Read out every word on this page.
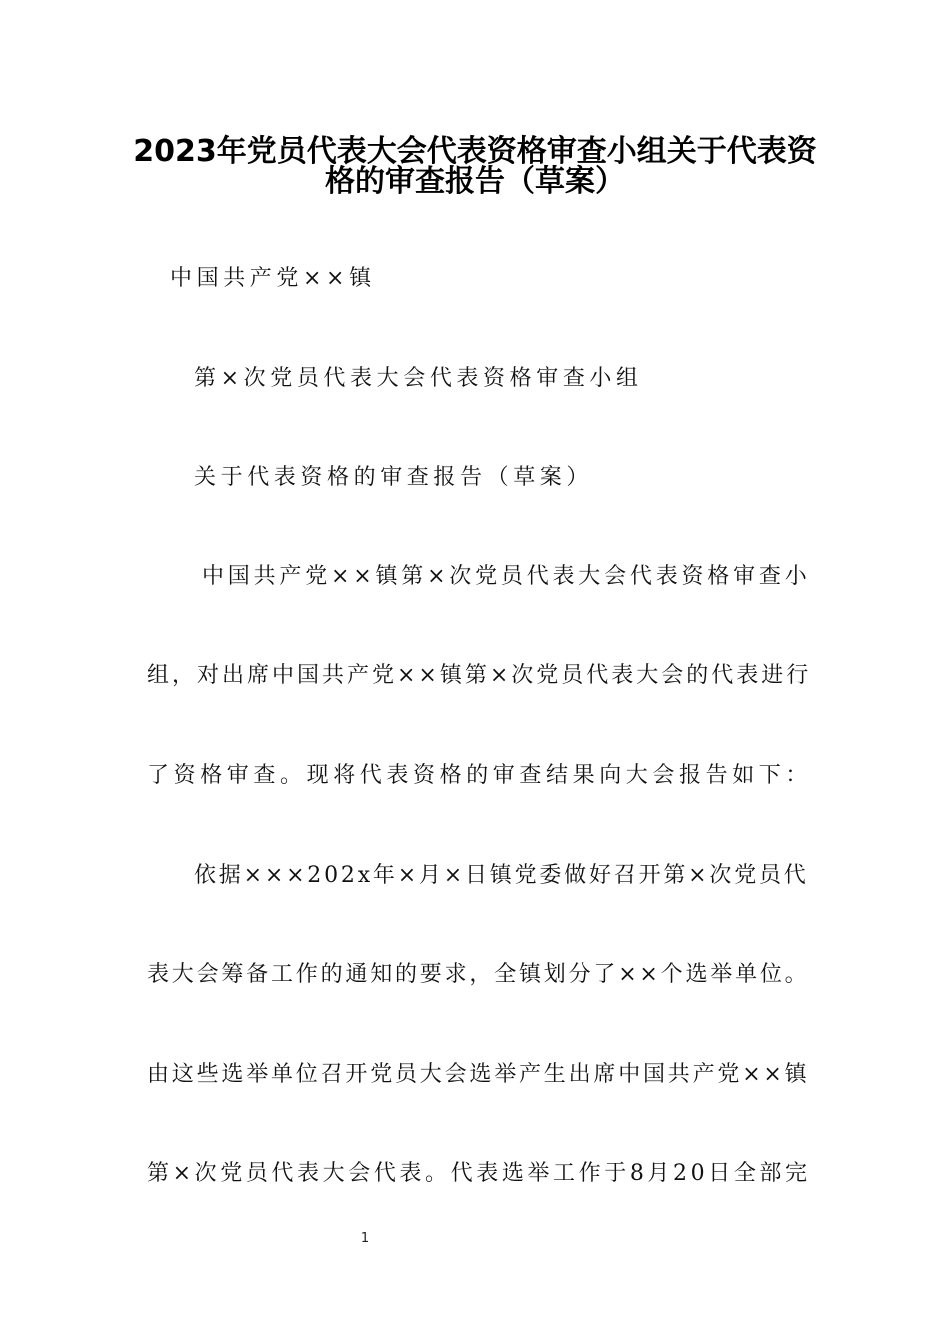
2023年党员代表大会代表资格审查小组关于代表资
格的审查报告（草案）
中国共产党××镇
第×次党员代表大会代表资格审查小组
关于代表资格的审查报告（草案）
中国共产党××镇第×次党员代表大会代表资格审查小
组，对出席中国共产党××镇第×次党员代表大会的代表进行
了资格审查。现将代表资格的审查结果向大会报告如下：
依据×××202x年×月×日镇党委做好召开第×次党员代
表大会筹备工作的通知的要求，全镇划分了××个选举单位。
由这些选举单位召开党员大会选举产生出席中国共产党××镇
第×次党员代表大会代表。代表选举工作于8月20日全部完
1
